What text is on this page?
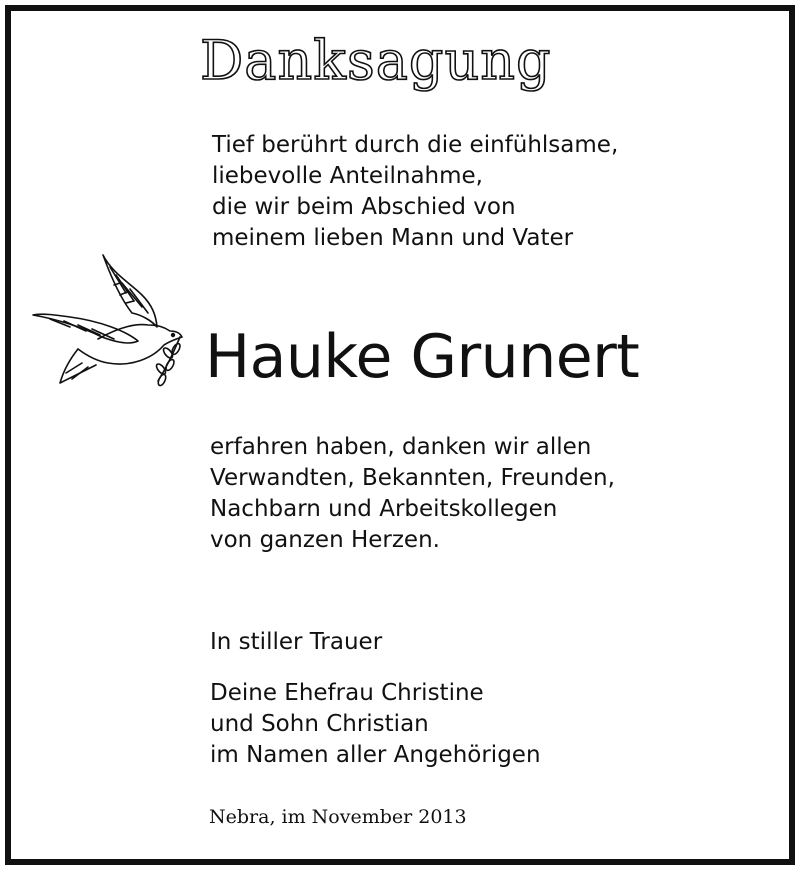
Danksagung
Tief berührt durch die einfühlsame,
liebevolle Anteilnahme,
die wir beim Abschied von
meinem lieben Mann und Vater
Hauke Grunert
erfahren haben, danken wir allen
Verwandten, Bekannten, Freunden,
Nachbarn und Arbeitskollegen
von ganzen Herzen.
In stiller Trauer
Deine Ehefrau Christine
und Sohn Christian
im Namen aller Angehörigen
Nebra, im November 2013
